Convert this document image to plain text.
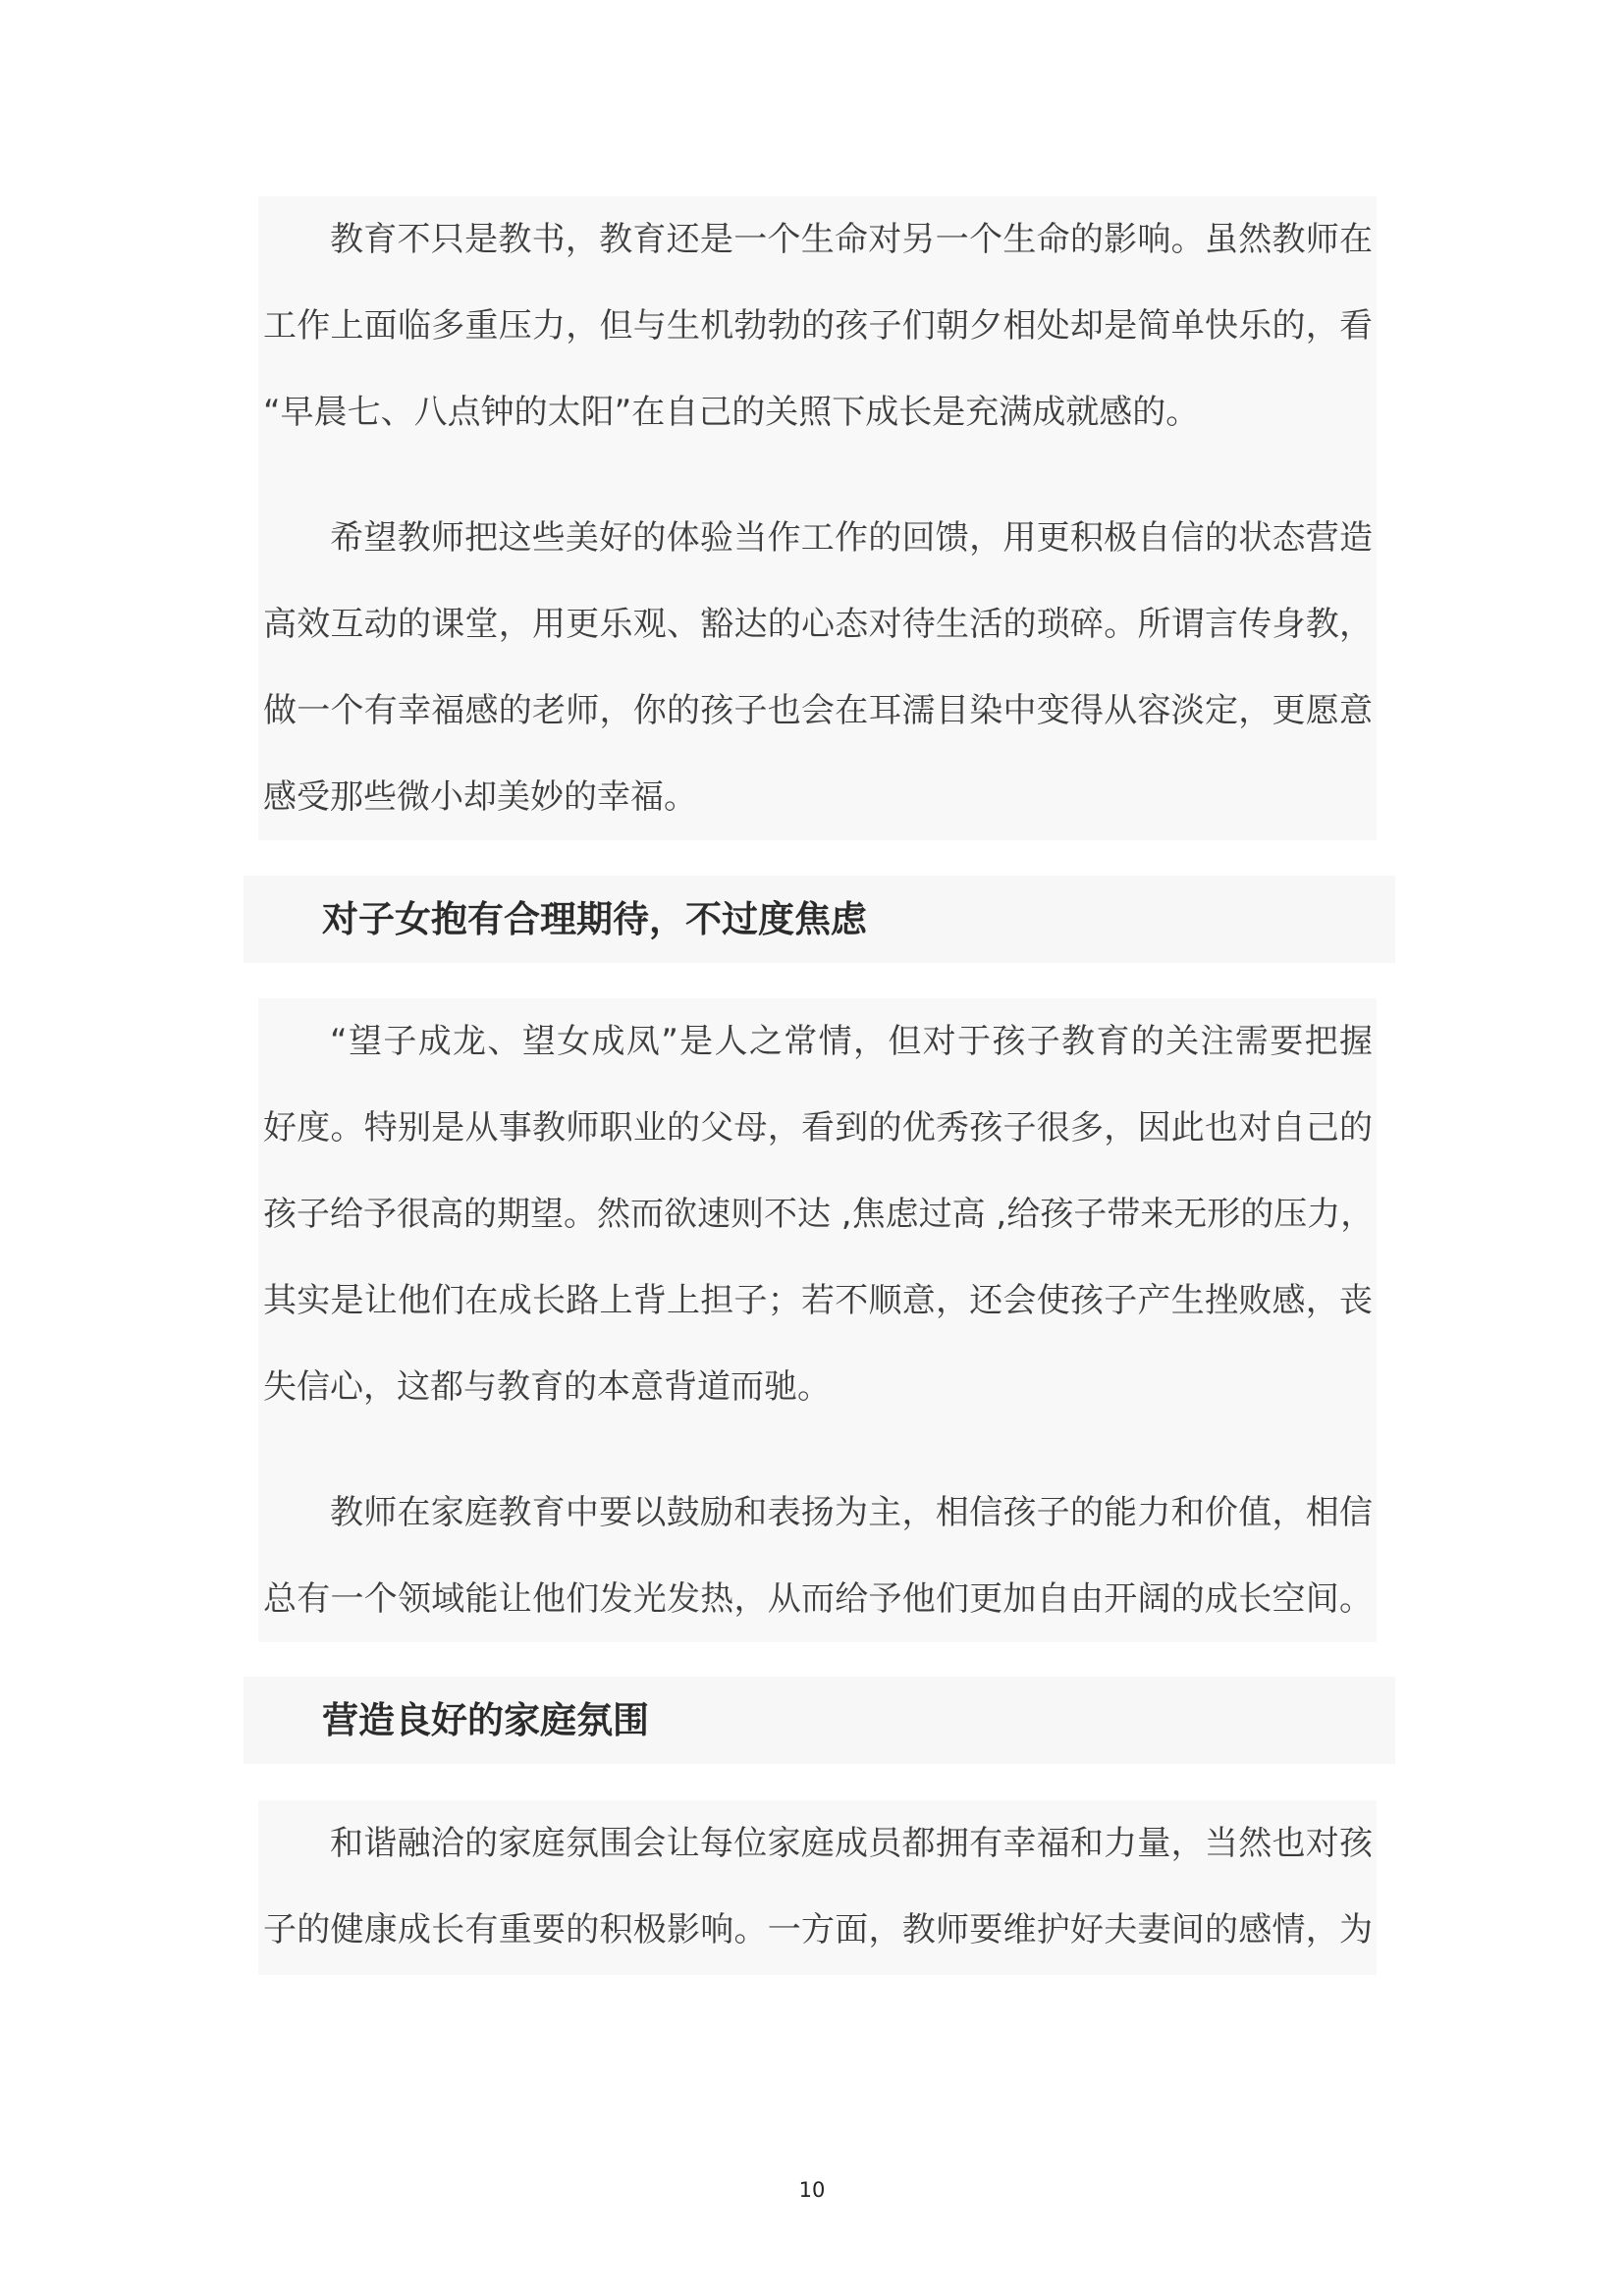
教育不只是教书，教育还是一个生命对另一个生命的影响。虽然教师在
工作上面临多重压力，但与生机勃勃的孩子们朝夕相处却是简单快乐的，看
“早晨七、八点钟的太阳”在自己的关照下成长是充满成就感的。
希望教师把这些美好的体验当作工作的回馈，用更积极自信的状态营造
高效互动的课堂，用更乐观、豁达的心态对待生活的琐碎。所谓言传身教，
做一个有幸福感的老师，你的孩子也会在耳濡目染中变得从容淡定，更愿意
感受那些微小却美妙的幸福。
对子女抱有合理期待，不过度焦虑
“望子成龙、望女成凤”是人之常情，但对于孩子教育的关注需要把握
好度。特别是从事教师职业的父母，看到的优秀孩子很多，因此也对自己的
孩子给予很高的期望。然而欲速则不达 ,焦虑过高 ,给孩子带来无形的压力，
其实是让他们在成长路上背上担子；若不顺意，还会使孩子产生挫败感，丧
失信心，这都与教育的本意背道而驰。
教师在家庭教育中要以鼓励和表扬为主，相信孩子的能力和价值，相信
总有一个领域能让他们发光发热，从而给予他们更加自由开阔的成长空间。
营造良好的家庭氛围
和谐融洽的家庭氛围会让每位家庭成员都拥有幸福和力量，当然也对孩
子的健康成长有重要的积极影响。一方面，教师要维护好夫妻间的感情，为
10
